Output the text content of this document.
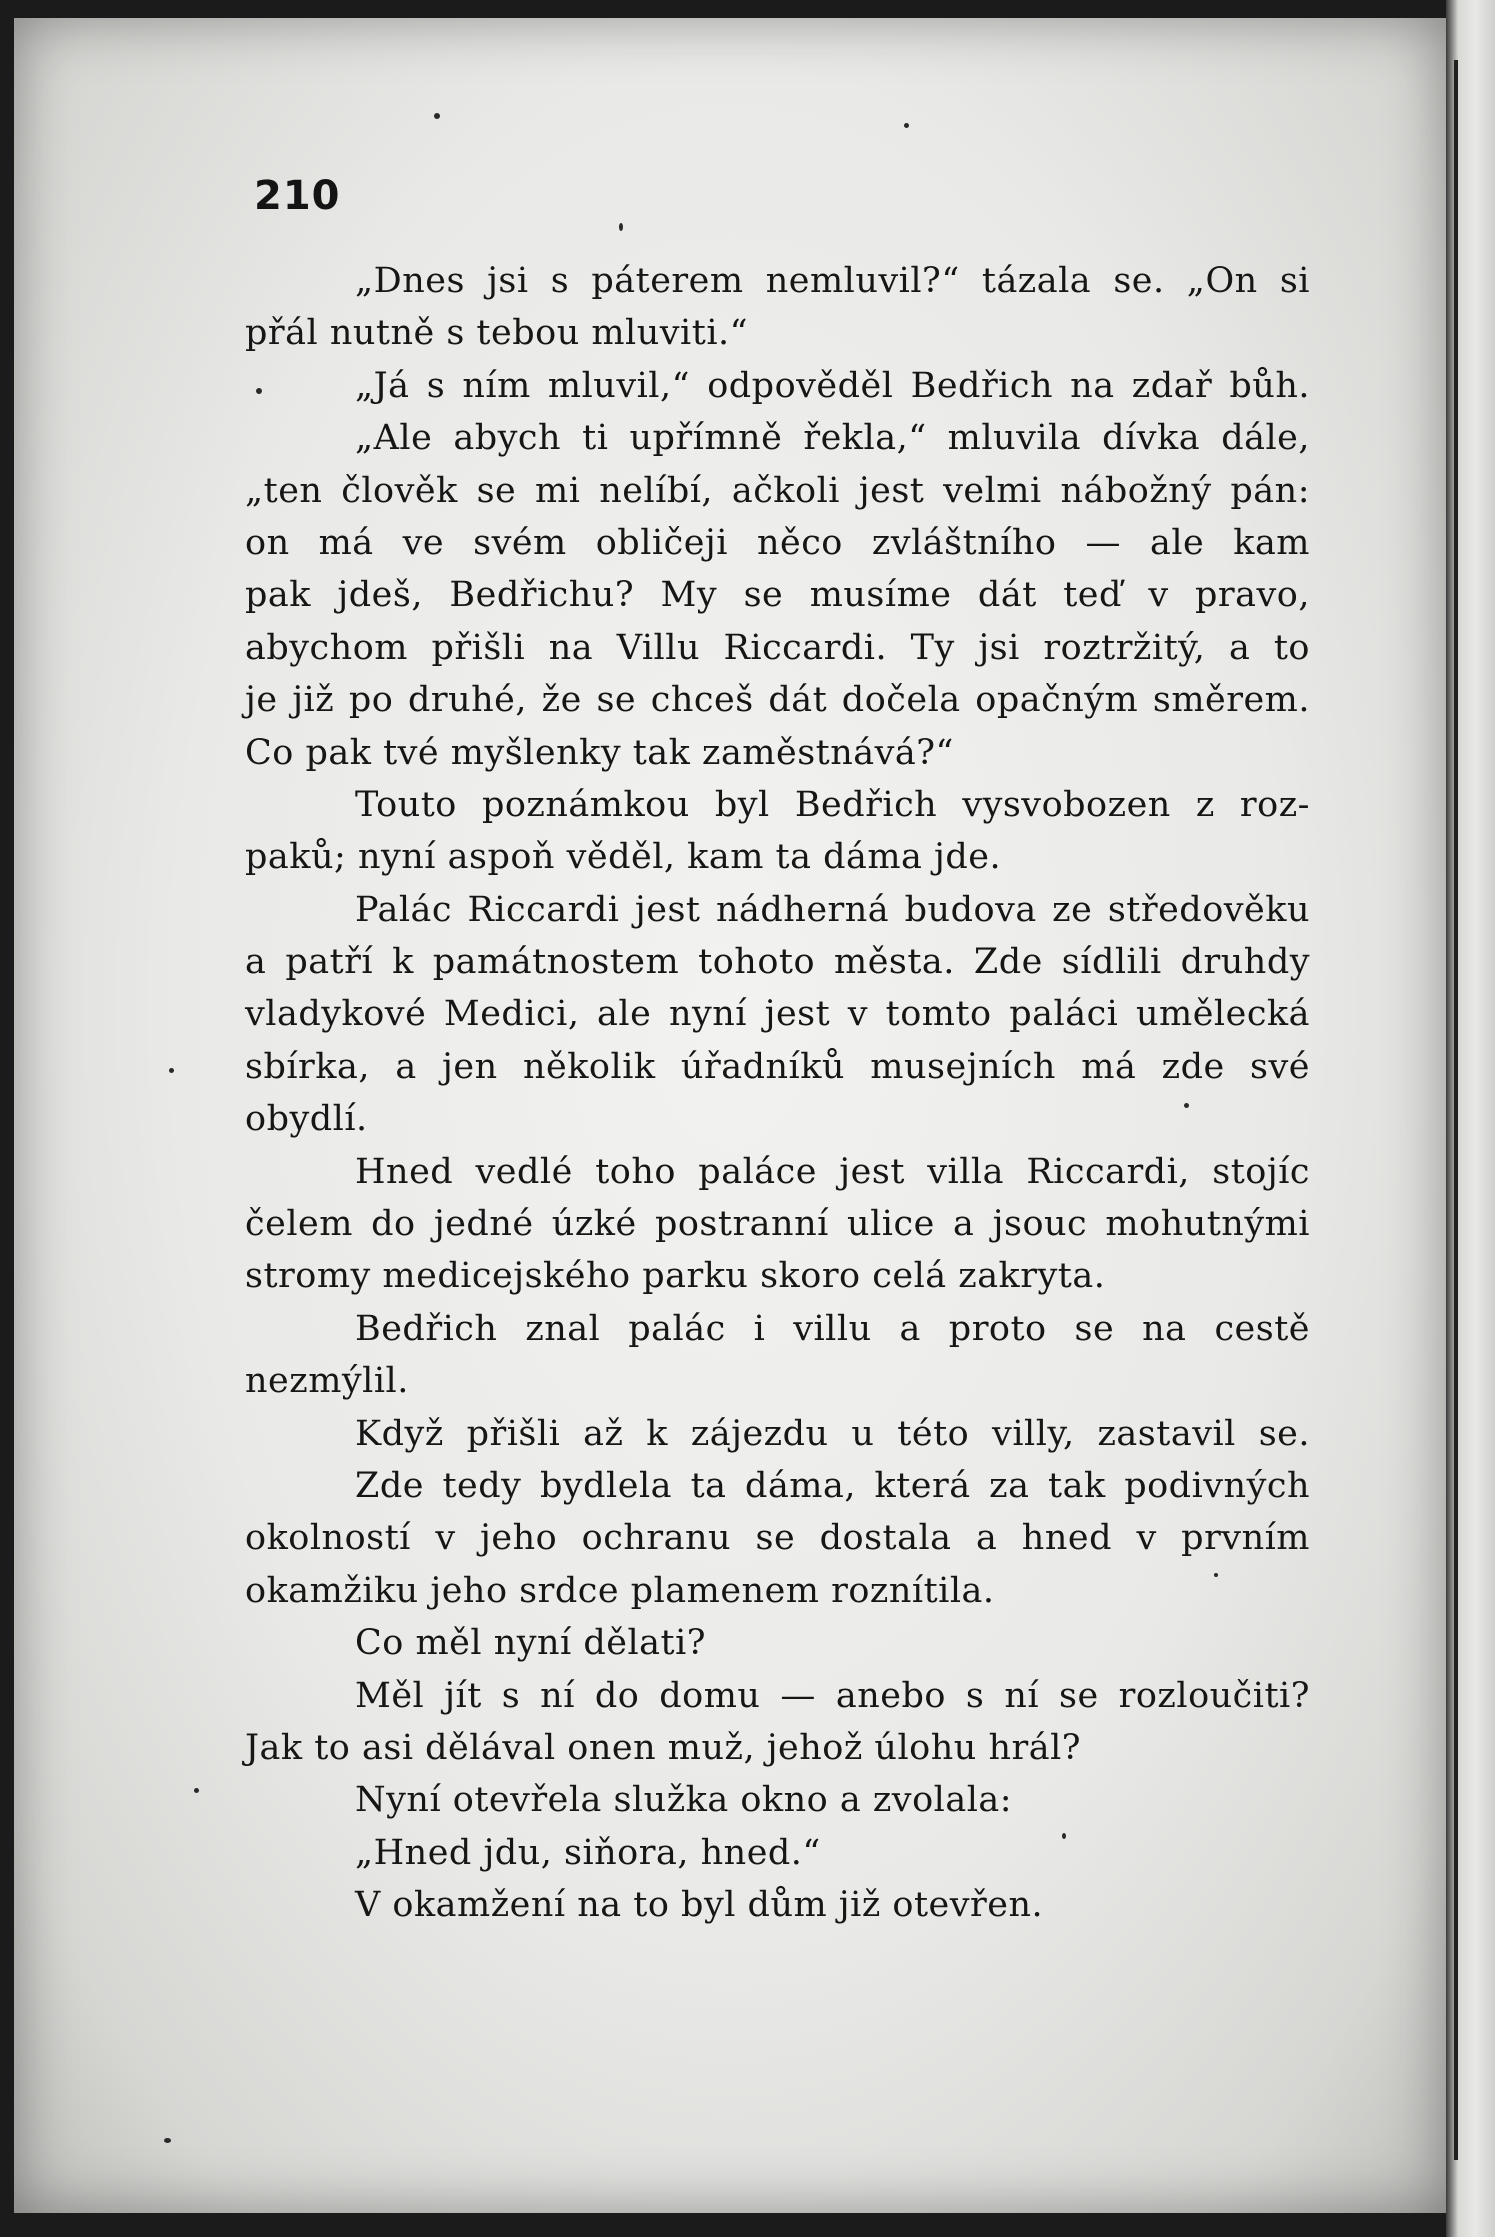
210
„Dnes jsi s páterem nemluvil?“ tázala se. „On si
přál nutně s tebou mluviti.“
„Já s ním mluvil,“ odpověděl Bedřich na zdař bůh.
„Ale abych ti upřímně řekla,“ mluvila dívka dále,
„ten člověk se mi nelíbí, ačkoli jest velmi nábožný pán:
on má ve svém obličeji něco zvláštního — ale kam
pak jdeš, Bedřichu? My se musíme dát teď v pravo,
abychom přišli na Villu Riccardi. Ty jsi roztržitý, a to
je již po druhé, že se chceš dát dočela opačným směrem.
Co pak tvé myšlenky tak zaměstnává?“
Touto poznámkou byl Bedřich vysvobozen z roz-
paků; nyní aspoň věděl, kam ta dáma jde.
Palác Riccardi jest nádherná budova ze středověku
a patří k památnostem tohoto města. Zde sídlili druhdy
vladykové Medici, ale nyní jest v tomto paláci umělecká
sbírka, a jen několik úřadníků musejních má zde své
obydlí.
Hned vedlé toho paláce jest villa Riccardi, stojíc
čelem do jedné úzké postranní ulice a jsouc mohutnými
stromy medicejského parku skoro celá zakryta.
Bedřich znal palác i villu a proto se na cestě
nezmýlil.
Když přišli až k zájezdu u této villy, zastavil se.
Zde tedy bydlela ta dáma, která za tak podivných
okolností v jeho ochranu se dostala a hned v prvním
okamžiku jeho srdce plamenem roznítila.
Co měl nyní dělati?
Měl jít s ní do domu — anebo s ní se rozloučiti?
Jak to asi dělával onen muž, jehož úlohu hrál?
Nyní otevřela služka okno a zvolala:
„Hned jdu, siňora, hned.“
V okamžení na to byl dům již otevřen.
